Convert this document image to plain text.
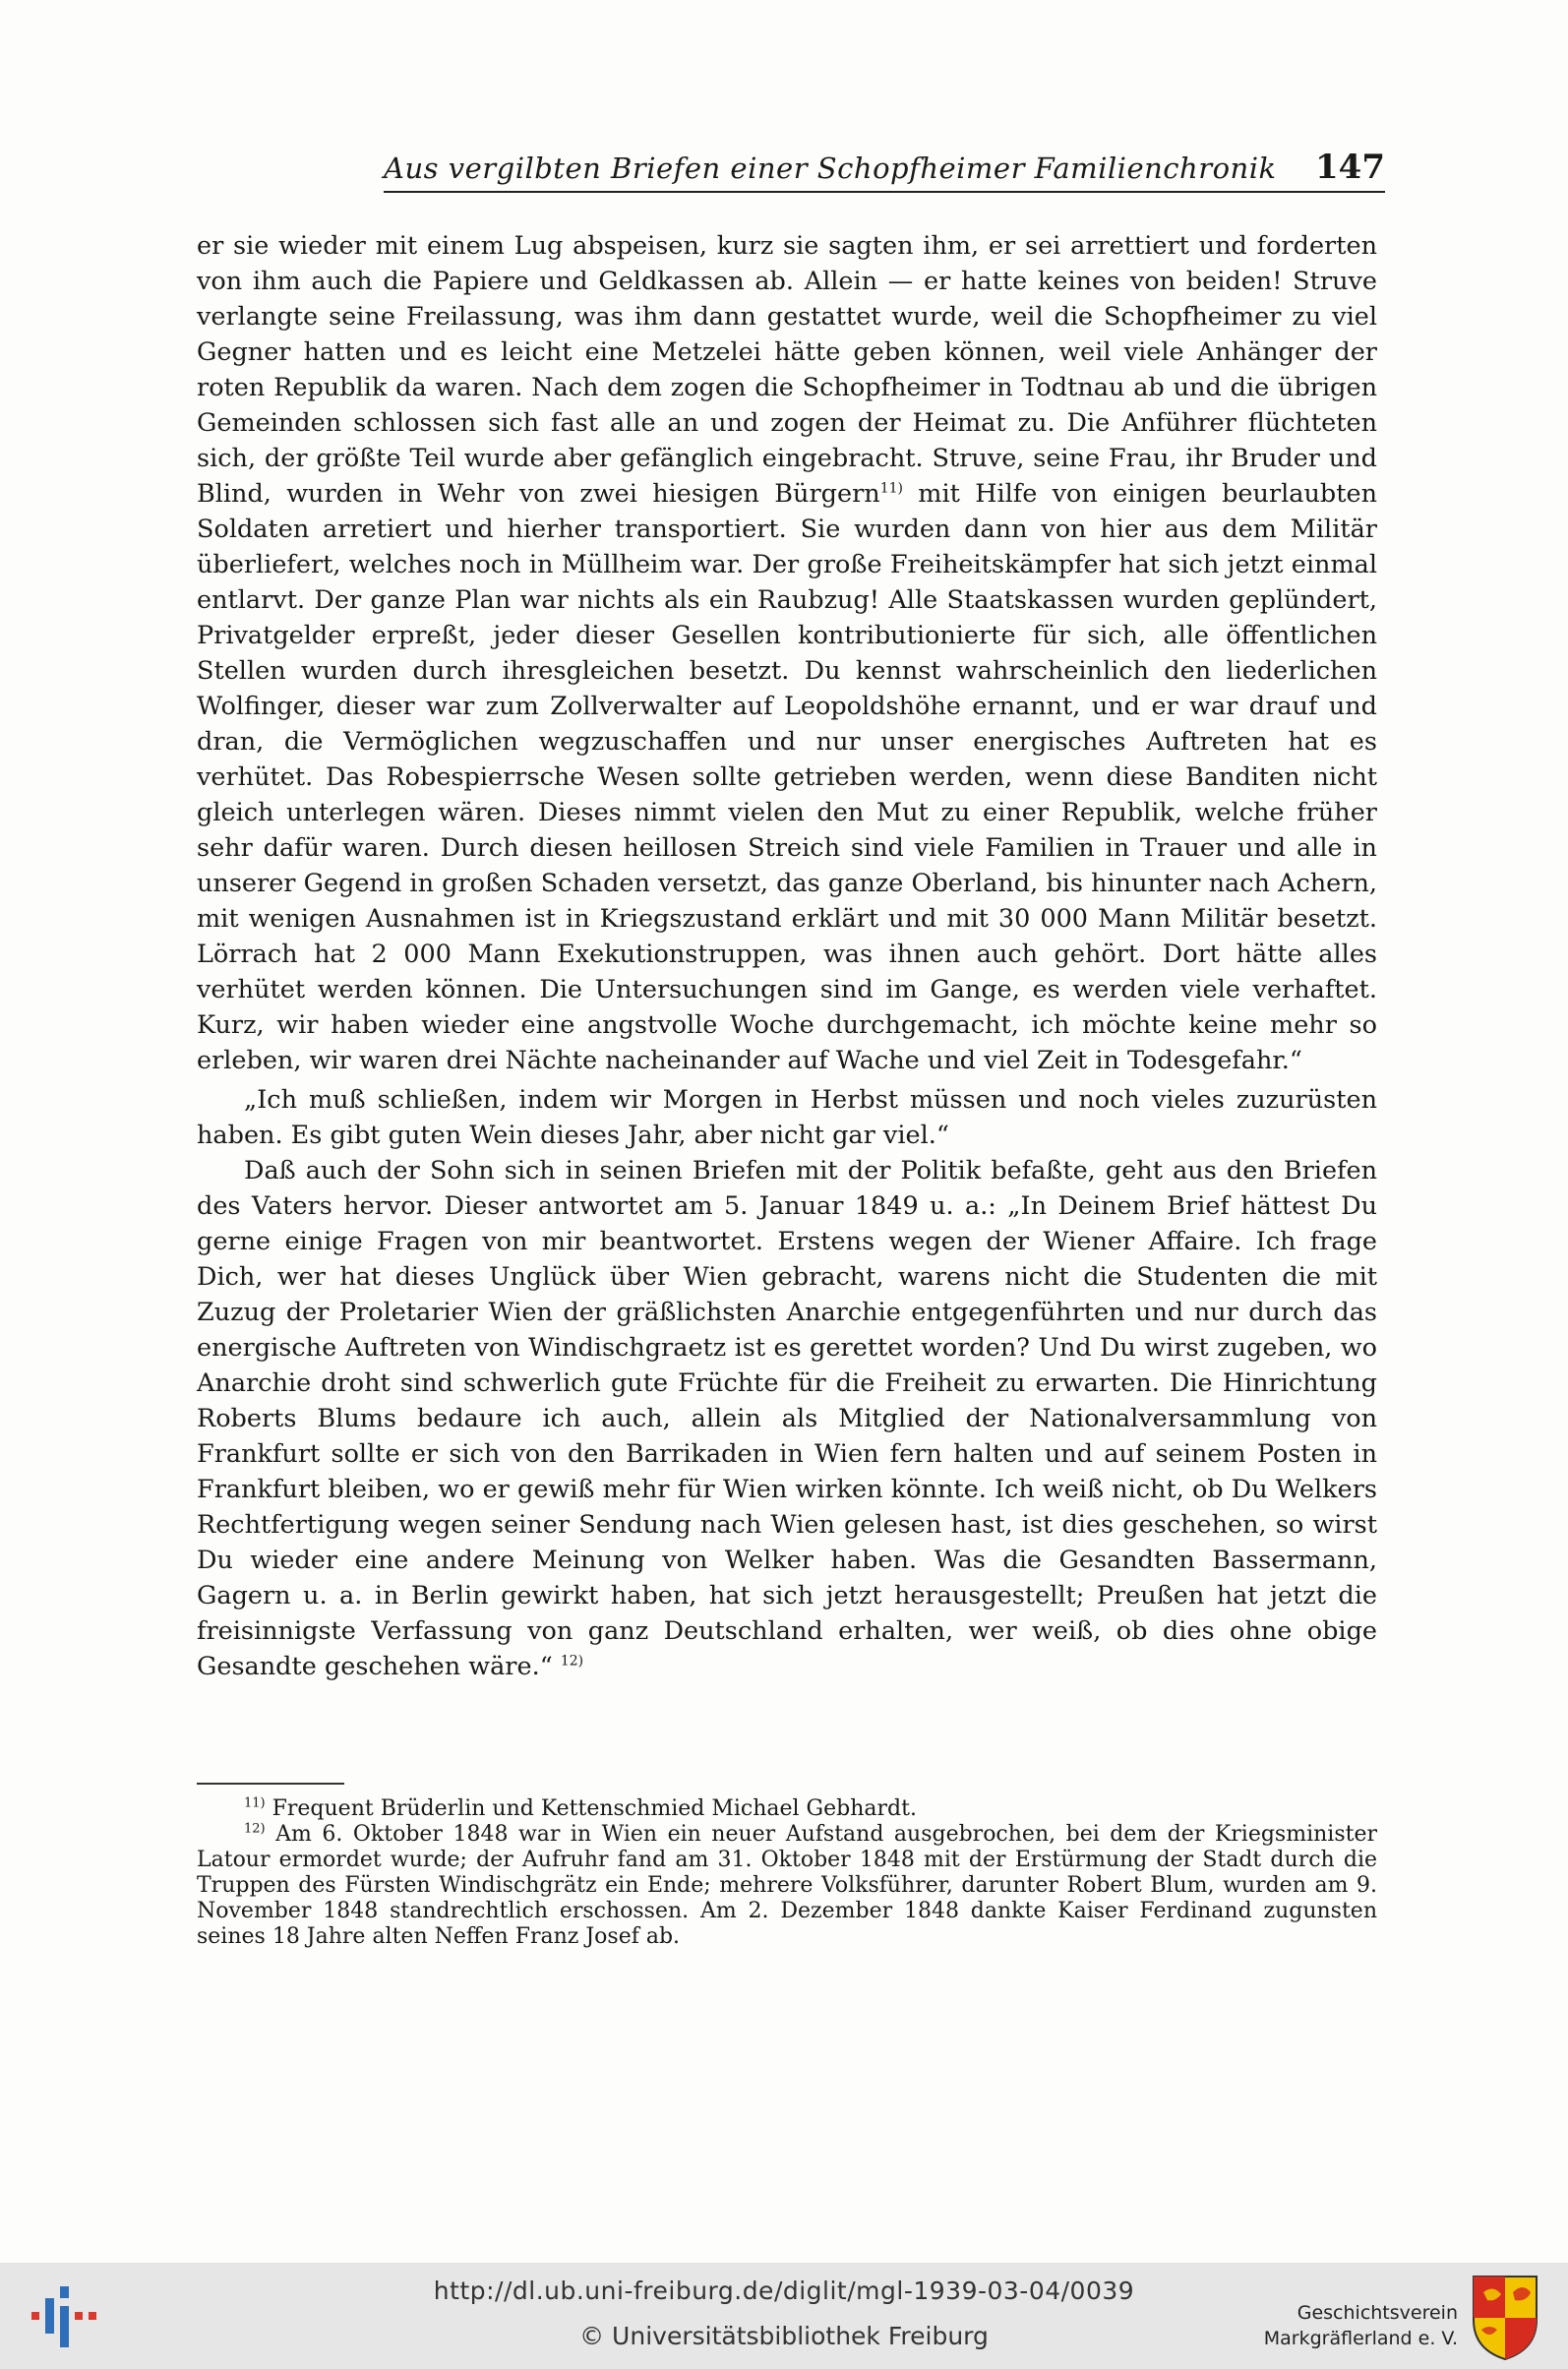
Aus vergilbten Briefen einer Schopfheimer Familienchronik 147

er sie wieder mit einem Lug abspeisen, kurz sie sagten ihm, er sei arrettiert und forderten von ihm auch die Papiere und Geldkassen ab. Allein — er hatte keines von beiden! Struve verlangte seine Freilassung, was ihm dann gestattet wurde, weil die Schopfheimer zu viel Gegner hatten und es leicht eine Metzelei hätte geben können, weil viele Anhänger der roten Republik da waren. Nach dem zogen die Schopfheimer in Todtnau ab und die übrigen Gemeinden schlossen sich fast alle an und zogen der Heimat zu. Die Anführer flüchteten sich, der größte Teil wurde aber gefänglich eingebracht. Struve, seine Frau, ihr Bruder und Blind, wurden in Wehr von zwei hiesigen Bürgern$^{11)}$ mit Hilfe von einigen beurlaubten Soldaten arretiert und hierher transportiert. Sie wurden dann von hier aus dem Militär überliefert, welches noch in Müllheim war. Der große Freiheitskämpfer hat sich jetzt einmal entlarvt. Der ganze Plan war nichts als ein Raubzug! Alle Staatskassen wurden geplündert, Privatgelder erpreßt, jeder dieser Gesellen kontributionierte für sich, alle öffentlichen Stellen wurden durch ihresgleichen besetzt. Du kennst wahrscheinlich den liederlichen Wolfinger, dieser war zum Zollverwalter auf Leopoldshöhe ernannt, und er war drauf und dran, die Vermöglichen wegzuschaffen und nur unser energisches Auftreten hat es verhütet. Das Robespierrsche Wesen sollte getrieben werden, wenn diese Banditen nicht gleich unterlegen wären. Dieses nimmt vielen den Mut zu einer Republik, welche früher sehr dafür waren. Durch diesen heillosen Streich sind viele Familien in Trauer und alle in unserer Gegend in großen Schaden versetzt, das ganze Oberland, bis hinunter nach Achern, mit wenigen Ausnahmen ist in Kriegszustand erklärt und mit 30 000 Mann Militär besetzt. Lörrach hat 2 000 Mann Exekutionstruppen, was ihnen auch gehört. Dort hätte alles verhütet werden können. Die Untersuchungen sind im Gange, es werden viele verhaftet. Kurz, wir haben wieder eine angstvolle Woche durchgemacht, ich möchte keine mehr so erleben, wir waren drei Nächte nacheinander auf Wache und viel Zeit in Todesgefahr.“

„Ich muß schließen, indem wir Morgen in Herbst müssen und noch vieles zuzurüsten haben. Es gibt guten Wein dieses Jahr, aber nicht gar viel.“

Daß auch der Sohn sich in seinen Briefen mit der Politik befaßte, geht aus den Briefen des Vaters hervor. Dieser antwortet am 5. Januar 1849 u. a.: „In Deinem Brief hättest Du gerne einige Fragen von mir beantwortet. Erstens wegen der Wiener Affaire. Ich frage Dich, wer hat dieses Unglück über Wien gebracht, warens nicht die Studenten die mit Zuzug der Proletarier Wien der gräßlichsten Anarchie entgegenführten und nur durch das energische Auftreten von Windischgraetz ist es gerettet worden? Und Du wirst zugeben, wo Anarchie droht sind schwerlich gute Früchte für die Freiheit zu erwarten. Die Hinrichtung Roberts Blums bedaure ich auch, allein als Mitglied der Nationalversammlung von Frankfurt sollte er sich von den Barrikaden in Wien fern halten und auf seinem Posten in Frankfurt bleiben, wo er gewiß mehr für Wien wirken könnte. Ich weiß nicht, ob Du Welkers Rechtfertigung wegen seiner Sendung nach Wien gelesen hast, ist dies geschehen, so wirst Du wieder eine andere Meinung von Welker haben. Was die Gesandten Bassermann, Gagern u. a. in Berlin gewirkt haben, hat sich jetzt herausgestellt; Preußen hat jetzt die freisinnigste Verfassung von ganz Deutschland erhalten, wer weiß, ob dies ohne obige Gesandte geschehen wäre.“ $^{12)}$

$^{11)}$ Frequent Brüderlin und Kettenschmied Michael Gebhardt.

$^{12)}$ Am 6. Oktober 1848 war in Wien ein neuer Aufstand ausgebrochen, bei dem der Kriegsminister Latour ermordet wurde; der Aufruhr fand am 31. Oktober 1848 mit der Erstürmung der Stadt durch die Truppen des Fürsten Windischgrätz ein Ende; mehrere Volksführer, darunter Robert Blum, wurden am 9. November 1848 standrechtlich erschossen. Am 2. Dezember 1848 dankte Kaiser Ferdinand zugunsten seines 18 Jahre alten Neffen Franz Josef ab.

http://dl.ub.uni-freiburg.de/diglit/mgl-1939-03-04/0039
© Universitätsbibliothek Freiburg
Geschichtsverein
Markgräflerland e. V.
